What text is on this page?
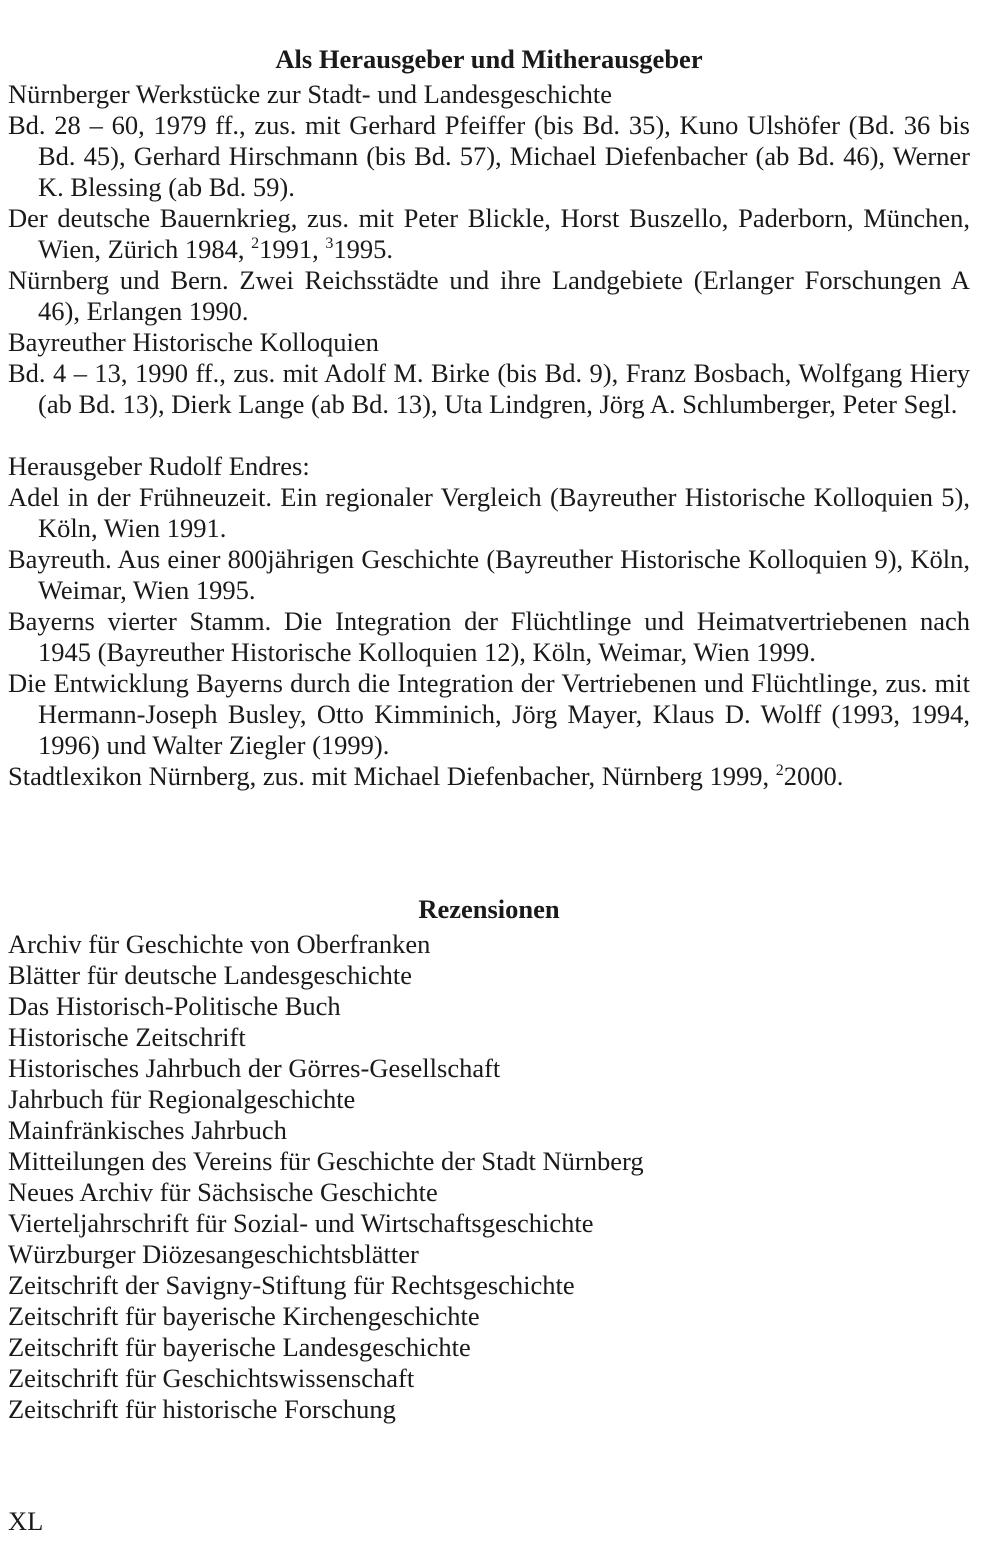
Als Herausgeber und Mitherausgeber
Nürnberger Werkstücke zur Stadt- und Landesgeschichte
Bd. 28 – 60, 1979 ff., zus. mit Gerhard Pfeiffer (bis Bd. 35), Kuno Ulshöfer (Bd. 36 bis Bd. 45), Gerhard Hirschmann (bis Bd. 57), Michael Diefenbacher (ab Bd. 46), Werner K. Blessing (ab Bd. 59).
Der deutsche Bauernkrieg, zus. mit Peter Blickle, Horst Buszello, Paderborn, München, Wien, Zürich 1984, $^2$1991, $^3$1995.
Nürnberg und Bern. Zwei Reichsstädte und ihre Landgebiete (Erlanger Forschungen A 46), Erlangen 1990.
Bayreuther Historische Kolloquien
Bd. 4 – 13, 1990 ff., zus. mit Adolf M. Birke (bis Bd. 9), Franz Bosbach, Wolfgang Hiery (ab Bd. 13), Dierk Lange (ab Bd. 13), Uta Lindgren, Jörg A. Schlumberger, Peter Segl.
Herausgeber Rudolf Endres:
Adel in der Frühneuzeit. Ein regionaler Vergleich (Bayreuther Historische Kolloquien 5), Köln, Wien 1991.
Bayreuth. Aus einer 800jährigen Geschichte (Bayreuther Historische Kolloquien 9), Köln, Weimar, Wien 1995.
Bayerns vierter Stamm. Die Integration der Flüchtlinge und Heimatvertriebenen nach 1945 (Bayreuther Historische Kolloquien 12), Köln, Weimar, Wien 1999.
Die Entwicklung Bayerns durch die Integration der Vertriebenen und Flüchtlinge, zus. mit Hermann-Joseph Busley, Otto Kimminich, Jörg Mayer, Klaus D. Wolff (1993, 1994, 1996) und Walter Ziegler (1999).
Stadtlexikon Nürnberg, zus. mit Michael Diefenbacher, Nürnberg 1999, $^2$2000.
Rezensionen
Archiv für Geschichte von Oberfranken
Blätter für deutsche Landesgeschichte
Das Historisch-Politische Buch
Historische Zeitschrift
Historisches Jahrbuch der Görres-Gesellschaft
Jahrbuch für Regionalgeschichte
Mainfränkisches Jahrbuch
Mitteilungen des Vereins für Geschichte der Stadt Nürnberg
Neues Archiv für Sächsische Geschichte
Vierteljahrschrift für Sozial- und Wirtschaftsgeschichte
Würzburger Diözesangeschichtsblätter
Zeitschrift der Savigny-Stiftung für Rechtsgeschichte
Zeitschrift für bayerische Kirchengeschichte
Zeitschrift für bayerische Landesgeschichte
Zeitschrift für Geschichtswissenschaft
Zeitschrift für historische Forschung
XL
